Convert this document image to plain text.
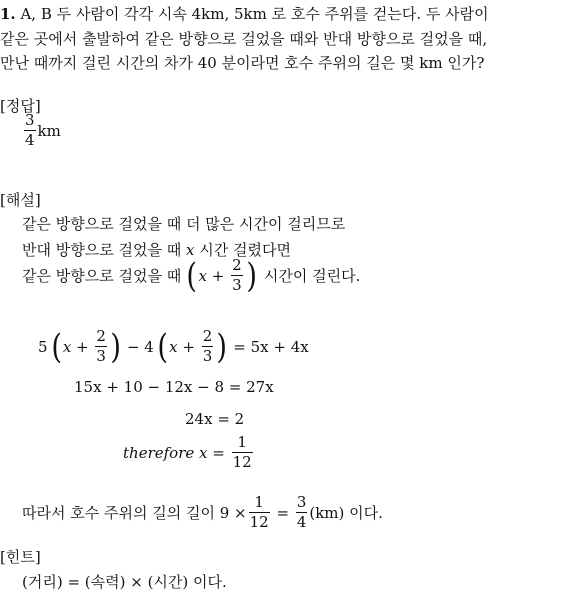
1. A, B 두 사람이 각각 시속 4km, 5km 로 호수 주위를 걷는다. 두 사람이
같은 곳에서 출발하여 같은 방향으로 걸었을 때와 반대 방향으로 걸었을 때,
만난 때까지 걸린 시간의 차가 40 분이라면 호수 주위의 길은 몇 km 인가?
[정답]
$\frac{3}{4}$ km
[해설]
같은 방향으로 걸었을 때 더 많은 시간이 걸리므로
반대 방향으로 걸었을 때 x 시간 걸렸다면
같은 방향으로 걸었을 때 ( $x + \frac{2}{3}$ ) 시간이 걸린다.
5 ( $x + \frac{2}{3}$ ) − 4 ( $x + \frac{2}{3}$ ) = 5x + 4x
15x + 10 − 12x − 8 = 27x
24x = 2
therefore $x = \frac{1}{12}$
따라서 호수 주위의 길의 길이 $9 \times \frac{1}{12} = \frac{3}{4} (km)$ 이다.
[힌트]
(거리) = (속력) × (시간) 이다.
